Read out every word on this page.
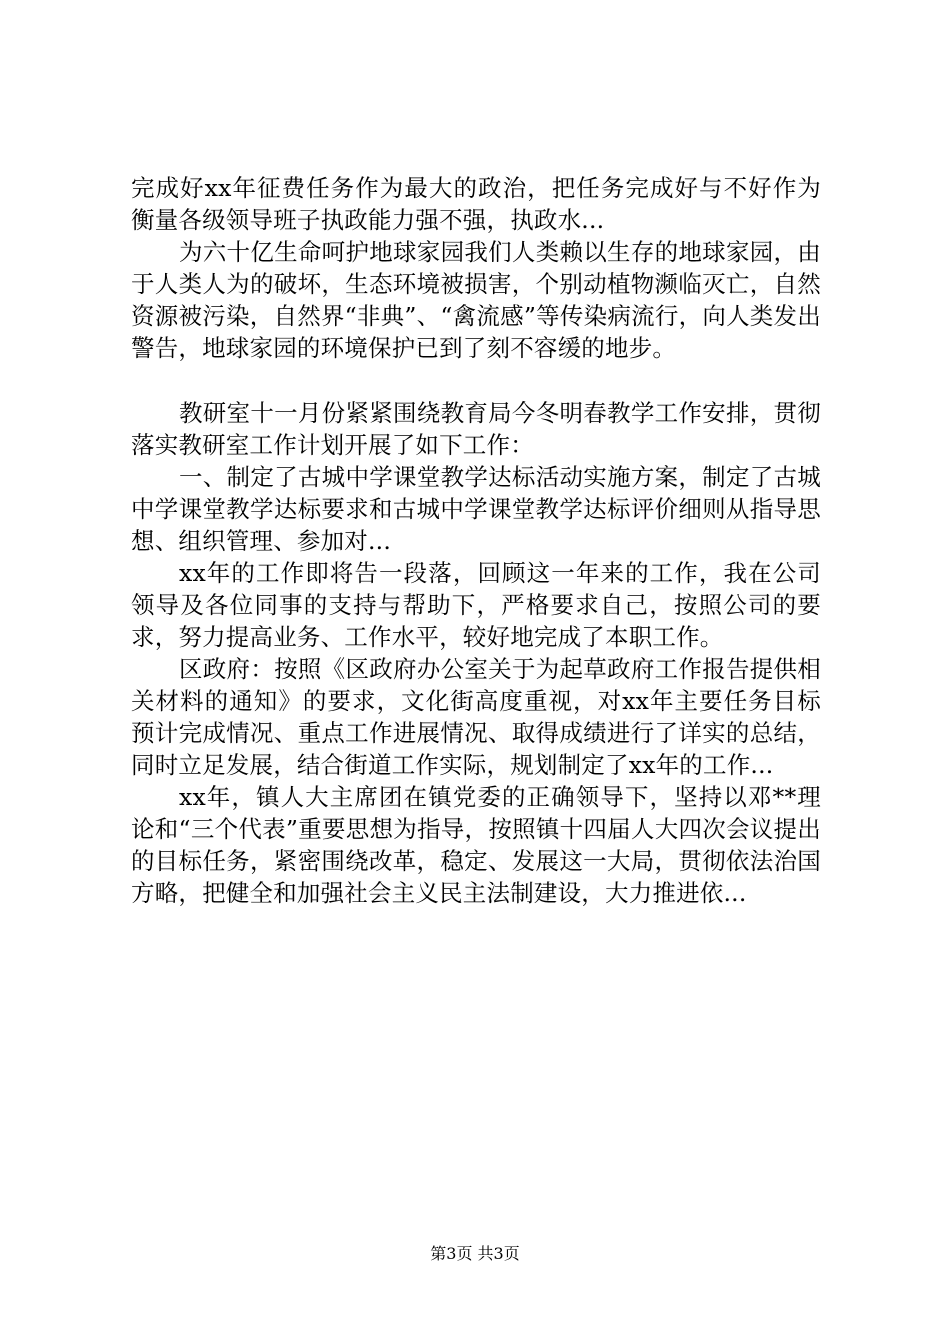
完成好xx年征费任务作为最大的政治，把任务完成好与不好作为衡量各级领导班子执政能力强不强，执政水...

为六十亿生命呵护地球家园我们人类赖以生存的地球家园，由于人类人为的破坏，生态环境被损害，个别动植物濒临灭亡，自然资源被污染，自然界“非典”、“禽流感”等传染病流行，向人类发出警告，地球家园的环境保护已到了刻不容缓的地步。

教研室十一月份紧紧围绕教育局今冬明春教学工作安排，贯彻落实教研室工作计划开展了如下工作：

一、制定了古城中学课堂教学达标活动实施方案，制定了古城中学课堂教学达标要求和古城中学课堂教学达标评价细则从指导思想、组织管理、参加对...

xx年的工作即将告一段落，回顾这一年来的工作，我在公司领导及各位同事的支持与帮助下，严格要求自己，按照公司的要求，努力提高业务、工作水平，较好地完成了本职工作。

区政府：按照《区政府办公室关于为起草政府工作报告提供相关材料的通知》的要求，文化街高度重视，对xx年主要任务目标预计完成情况、重点工作进展情况、取得成绩进行了详实的总结，同时立足发展，结合街道工作实际，规划制定了xx年的工作...

xx年，镇人大主席团在镇党委的正确领导下，坚持以邓**理论和“三个代表”重要思想为指导，按照镇十四届人大四次会议提出的目标任务，紧密围绕改革，稳定、发展这一大局，贯彻依法治国方略，把健全和加强社会主义民主法制建设，大力推进依...

第3页 共3页
